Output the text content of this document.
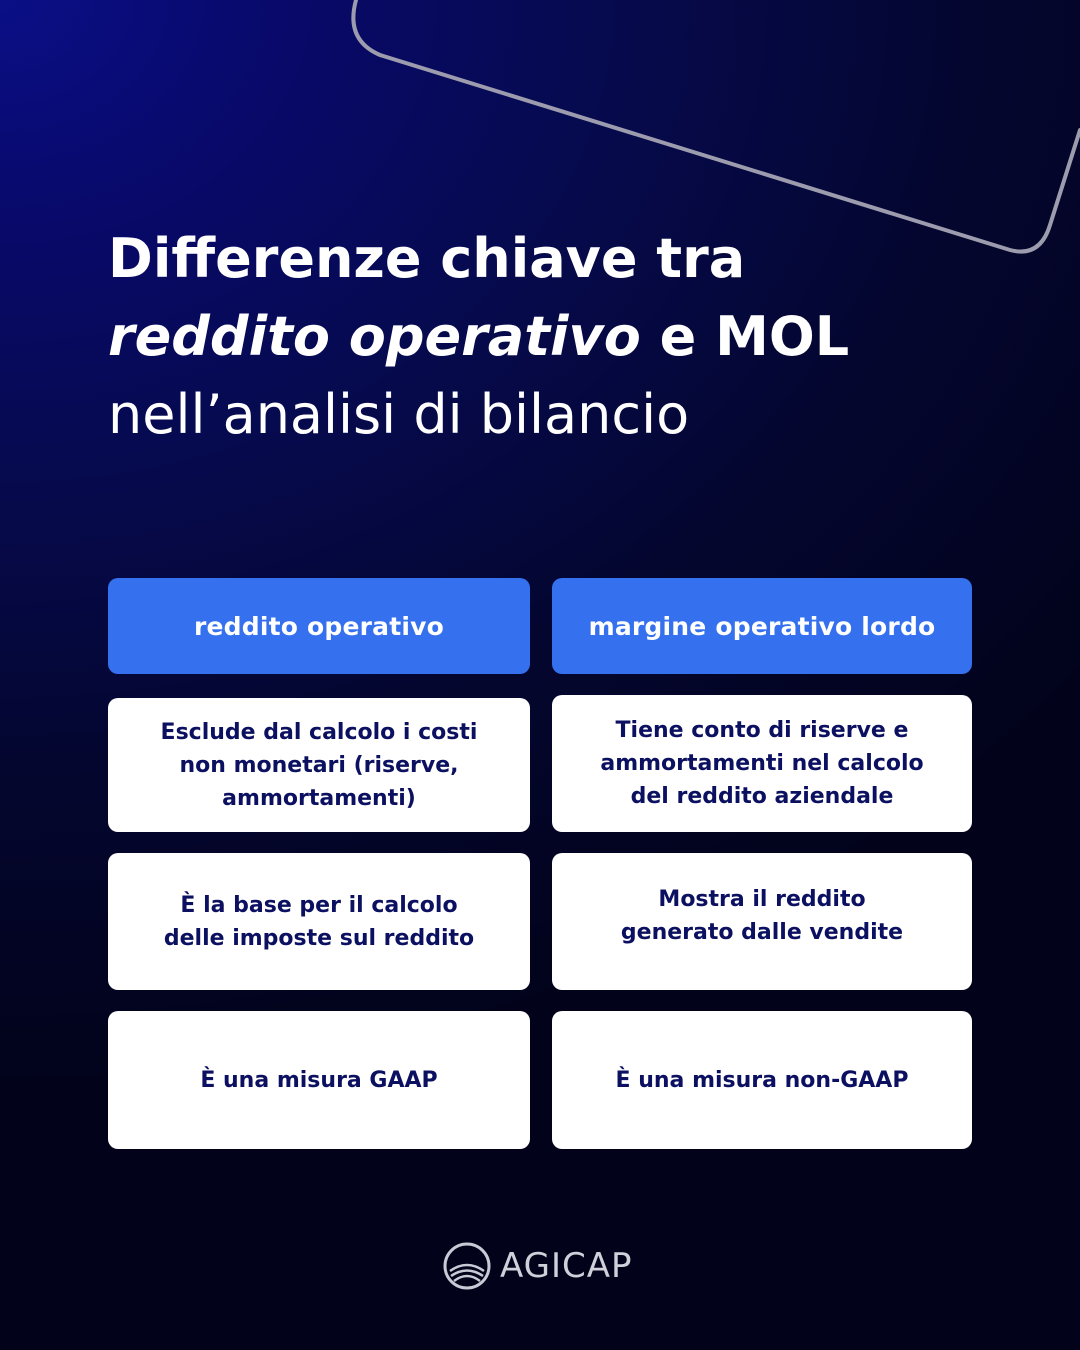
Differenze chiave tra
reddito operativo e MOL
nell’analisi di bilancio
reddito operativo	margine operativo lordo
Esclude dal calcolo i costi
non monetari (riserve,
ammortamenti)
Tiene conto di riserve e
ammortamenti nel calcolo
del reddito aziendale
È la base per il calcolo
delle imposte sul reddito
Mostra il reddito
generato dalle vendite
È una misura GAAP	È una misura non-GAAP
AGICAP
